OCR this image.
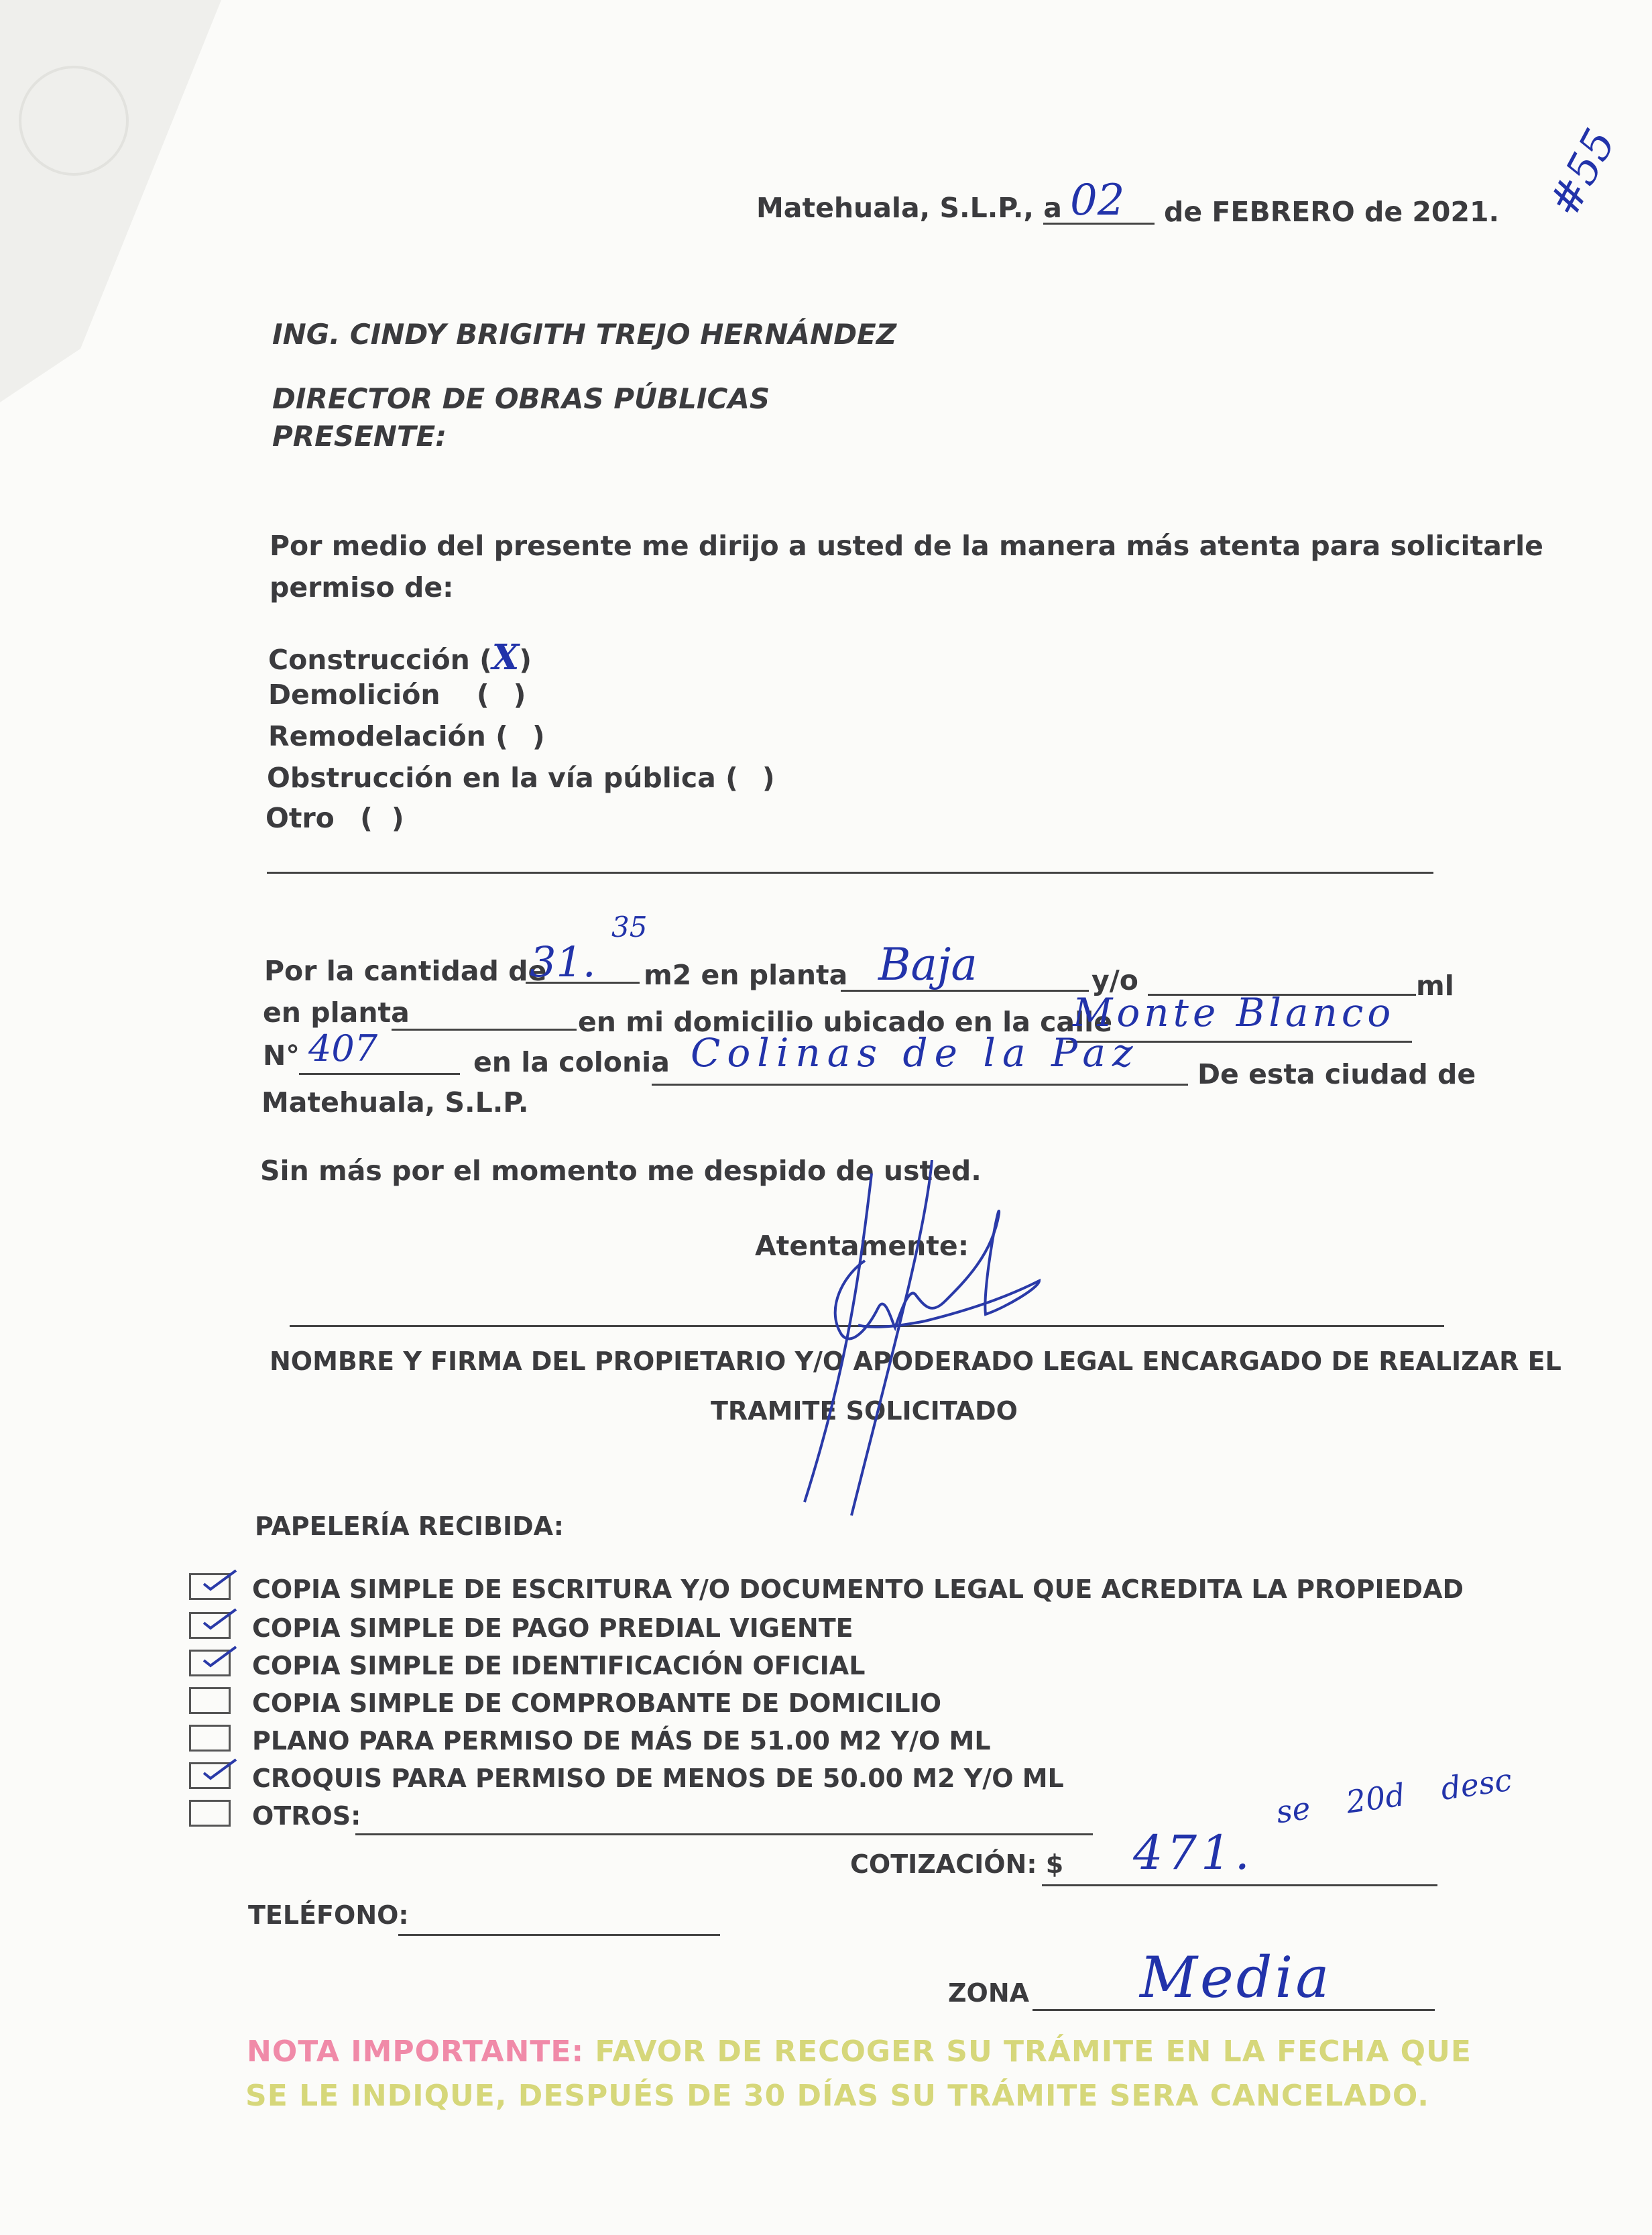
Matehuala, S.L.P., a 02 de FEBRERO de 2021. #55
ING. CINDY BRIGITH TREJO HERNÁNDEZ
DIRECTOR DE OBRAS PÚBLICAS
PRESENTE:
Por medio del presente me dirijo a usted de la manera más atenta para solicitarle
permiso de:
Construcción (X)
Demolición ( )
Remodelación ( )
Obstrucción en la vía pública ( )
Otro ( )
Por la cantidad de
31.
35
m2 en planta Baja	y/o	ml
en planta	en mi domicilio ubicado en la calle
Monte Blanco
N° 407	en la colonia Colinas de la Paz De esta ciudad de
Matehuala, S.L.P.
Sin más por el momento me despido de usted.
Atentamente:
NOMBRE Y FIRMA DEL PROPIETARIO Y/O APODERADO LEGAL ENCARGADO DE REALIZAR EL
TRAMITE SOLICITADO
PAPELERÍA RECIBIDA:
COPIA SIMPLE DE ESCRITURA Y/O DOCUMENTO LEGAL QUE ACREDITA LA PROPIEDAD
COPIA SIMPLE DE PAGO PREDIAL VIGENTE
COPIA SIMPLE DE IDENTIFICACIÓN OFICIAL
COPIA SIMPLE DE COMPROBANTE DE DOMICILIO
PLANO PARA PERMISO DE MÁS DE 51.00 M2 Y/O ML
CROQUIS PARA PERMISO DE MENOS DE 50.00 M2 Y/O ML
OTROS:
COTIZACIÓN: $ 471.
se 20d desc
TELÉFONO:
ZONA Media
NOTA IMPORTANTE: FAVOR DE RECOGER SU TRÁMITE EN LA FECHA QUE
SE LE INDIQUE, DESPUÉS DE 30 DÍAS SU TRÁMITE SERA CANCELADO.
